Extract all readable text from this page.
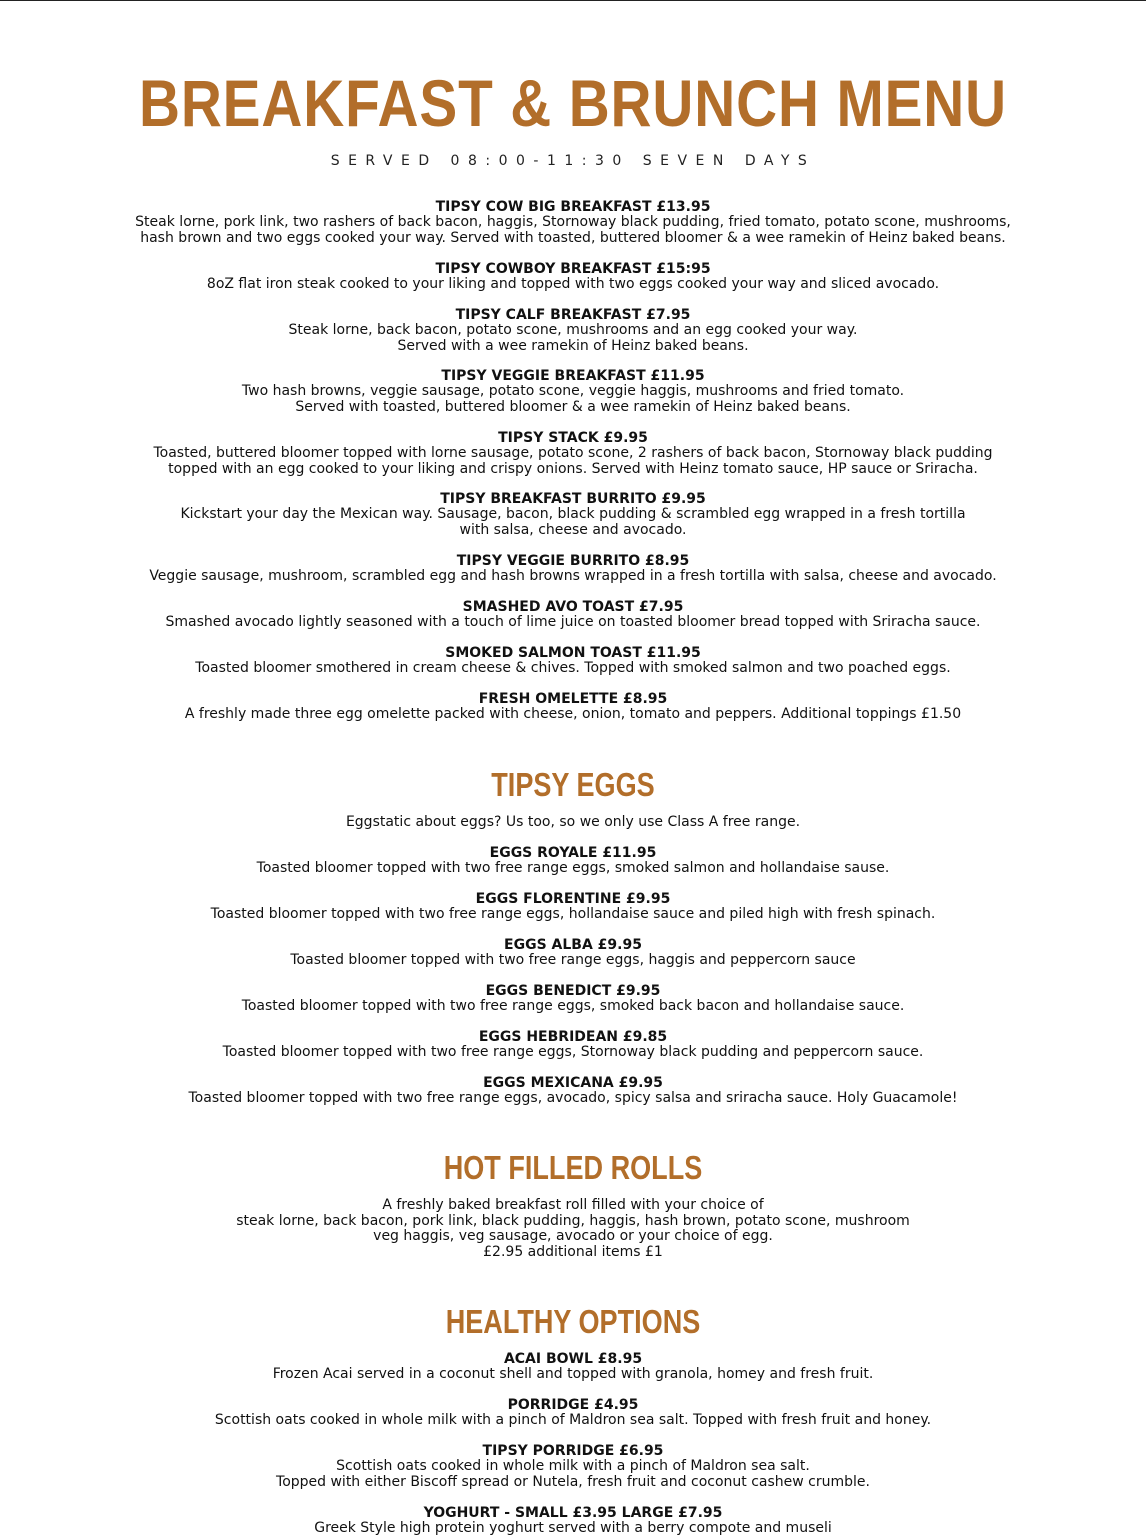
BREAKFAST & BRUNCH MENU
SERVED 08:00-11:30 SEVEN DAYS
TIPSY COW BIG BREAKFAST £13.95
Steak lorne, pork link, two rashers of back bacon, haggis, Stornoway black pudding, fried tomato, potato scone, mushrooms,
hash brown and two eggs cooked your way. Served with toasted, buttered bloomer & a wee ramekin of Heinz baked beans.
TIPSY COWBOY BREAKFAST £15:95
8oZ flat iron steak cooked to your liking and topped with two eggs cooked your way and sliced avocado.
TIPSY CALF BREAKFAST £7.95
Steak lorne, back bacon, potato scone, mushrooms and an egg cooked your way.
Served with a wee ramekin of Heinz baked beans.
TIPSY VEGGIE BREAKFAST £11.95
Two hash browns, veggie sausage, potato scone, veggie haggis, mushrooms and fried tomato.
Served with toasted, buttered bloomer & a wee ramekin of Heinz baked beans.
TIPSY STACK £9.95
Toasted, buttered bloomer topped with lorne sausage, potato scone, 2 rashers of back bacon, Stornoway black pudding
topped with an egg cooked to your liking and crispy onions. Served with Heinz tomato sauce, HP sauce or Sriracha.
TIPSY BREAKFAST BURRITO £9.95
Kickstart your day the Mexican way. Sausage, bacon, black pudding & scrambled egg wrapped in a fresh tortilla
with salsa, cheese and avocado.
TIPSY VEGGIE BURRITO £8.95
Veggie sausage, mushroom, scrambled egg and hash browns wrapped in a fresh tortilla with salsa, cheese and avocado.
SMASHED AVO TOAST £7.95
Smashed avocado lightly seasoned with a touch of lime juice on toasted bloomer bread topped with Sriracha sauce.
SMOKED SALMON TOAST £11.95
Toasted bloomer smothered in cream cheese & chives. Topped with smoked salmon and two poached eggs.
FRESH OMELETTE £8.95
A freshly made three egg omelette packed with cheese, onion, tomato and peppers. Additional toppings £1.50
TIPSY EGGS
Eggstatic about eggs? Us too, so we only use Class A free range.
EGGS ROYALE £11.95
Toasted bloomer topped with two free range eggs, smoked salmon and hollandaise sause.
EGGS FLORENTINE £9.95
Toasted bloomer topped with two free range eggs, hollandaise sauce and piled high with fresh spinach.
EGGS ALBA £9.95
Toasted bloomer topped with two free range eggs, haggis and peppercorn sauce
EGGS BENEDICT £9.95
Toasted bloomer topped with two free range eggs, smoked back bacon and hollandaise sauce.
EGGS HEBRIDEAN £9.85
Toasted bloomer topped with two free range eggs, Stornoway black pudding and peppercorn sauce.
EGGS MEXICANA £9.95
Toasted bloomer topped with two free range eggs, avocado, spicy salsa and sriracha sauce. Holy Guacamole!
HOT FILLED ROLLS
A freshly baked breakfast roll filled with your choice of
steak lorne, back bacon, pork link, black pudding, haggis, hash brown, potato scone, mushroom
veg haggis, veg sausage, avocado or your choice of egg.
£2.95 additional items £1
HEALTHY OPTIONS
ACAI BOWL £8.95
Frozen Acai served in a coconut shell and topped with granola, homey and fresh fruit.
PORRIDGE £4.95
Scottish oats cooked in whole milk with a pinch of Maldron sea salt. Topped with fresh fruit and honey.
TIPSY PORRIDGE £6.95
Scottish oats cooked in whole milk with a pinch of Maldron sea salt.
Topped with either Biscoff spread or Nutela, fresh fruit and coconut cashew crumble.
YOGHURT - SMALL £3.95 LARGE £7.95
Greek Style high protein yoghurt served with a berry compote and museli
